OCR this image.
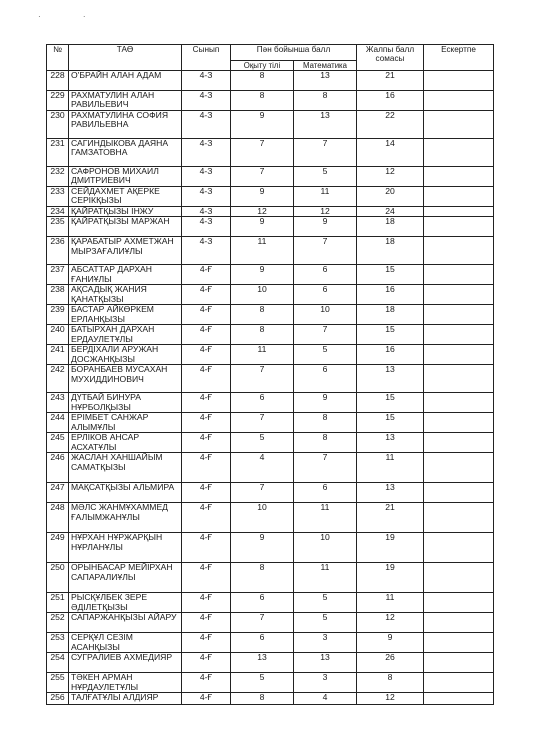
· ·
№	ТАӨ	Сынып	Пән бойынша балл		Жалпы балл сомасы	Ескертпе
			Оқыту тілі	Математика		
228	О'БРАЙН АЛАН АДАМ	4-З	8	13	21	
229	РАХМАТУЛИН АЛАН РАВИЛЬЕВИЧ	4-З	8	8	16	
230	РАХМАТУЛИНА СОФИЯ РАВИЛЬЕВНА	4-З	9	13	22	
231	САГИНДЫКОВА ДАЯНА ГАМЗАТОВНА	4-З	7	7	14	
232	САФРОНОВ МИХАИЛ ДМИТРИЕВИЧ	4-З	7	5	12	
233	СЕЙДАХМЕТ АҚЕРКЕ СЕРІКҚЫЗЫ	4-З	9	11	20	
234	ҚАЙРАТҚЫЗЫ ІНЖУ	4-З	12	12	24	
235	ҚАЙРАТҚЫЗЫ МАРЖАН	4-З	9	9	18	
236	ҚАРАБАТЫР АХМЕТЖАН МЫРЗАҒАЛИҰЛЫ	4-З	11	7	18	
237	АБСАТТАР ДАРХАН ҒАНИҰЛЫ	4-Ғ	9	6	15	
238	АҚСАДЫҚ ЖАНИЯ ҚАНАТҚЫЗЫ	4-Ғ	10	6	16	
239	БАСТАР АЙКӨРКЕМ ЕРЛАНҚЫЗЫ	4-Ғ	8	10	18	
240	БАТЫРХАН ДАРХАН ЕРДАУЛЕТҰЛЫ	4-Ғ	8	7	15	
241	БЕРДІХАЛИ АРУЖАН ДОСЖАНҚЫЗЫ	4-Ғ	11	5	16	
242	БОРАНБАЕВ МУСАХАН МУХИДДИНОВИЧ	4-Ғ	7	6	13	
243	ДҮТБАЙ БИНУРА НҰРБОЛҚЫЗЫ	4-Ғ	6	9	15	
244	ЕРІМБЕТ САНЖАР АЛЫМҰЛЫ	4-Ғ	7	8	15	
245	ЕРЛІКОВ АНСАР АСХАТҰЛЫ	4-Ғ	5	8	13	
246	ЖАСЛАН ХАНШАЙЫМ САМАТҚЫЗЫ	4-Ғ	4	7	11	
247	МАҚСАТҚЫЗЫ АЛЬМИРА	4-Ғ	7	6	13	
248	МӘЛС ЖАНМҰХАММЕД ҒАЛЫМЖАНҰЛЫ	4-Ғ	10	11	21	
249	НҰРХАН НҰРЖАРҚЫН НҰРЛАНҰЛЫ	4-Ғ	9	10	19	
250	ОРЫНБАСАР МЕЙІРХАН САПАРАЛИҰЛЫ	4-Ғ	8	11	19	
251	РЫСҚҰЛБЕК ЗЕРЕ ӘДІЛЕТҚЫЗЫ	4-Ғ	6	5	11	
252	САПАРЖАНҚЫЗЫ АЙАРУ	4-Ғ	7	5	12	
253	СЕРҚҰЛ СЕЗІМ АСАНҚЫЗЫ	4-Ғ	6	3	9	
254	СУГРАЛИЕВ АХМЕДИЯР	4-Ғ	13	13	26	
255	ТӘКЕН АРМАН НҰРДАУЛЕТҰЛЫ	4-Ғ	5	3	8	
256	ТАЛҒАТҰЛЫ АЛДИЯР	4-Ғ	8	4	12	
